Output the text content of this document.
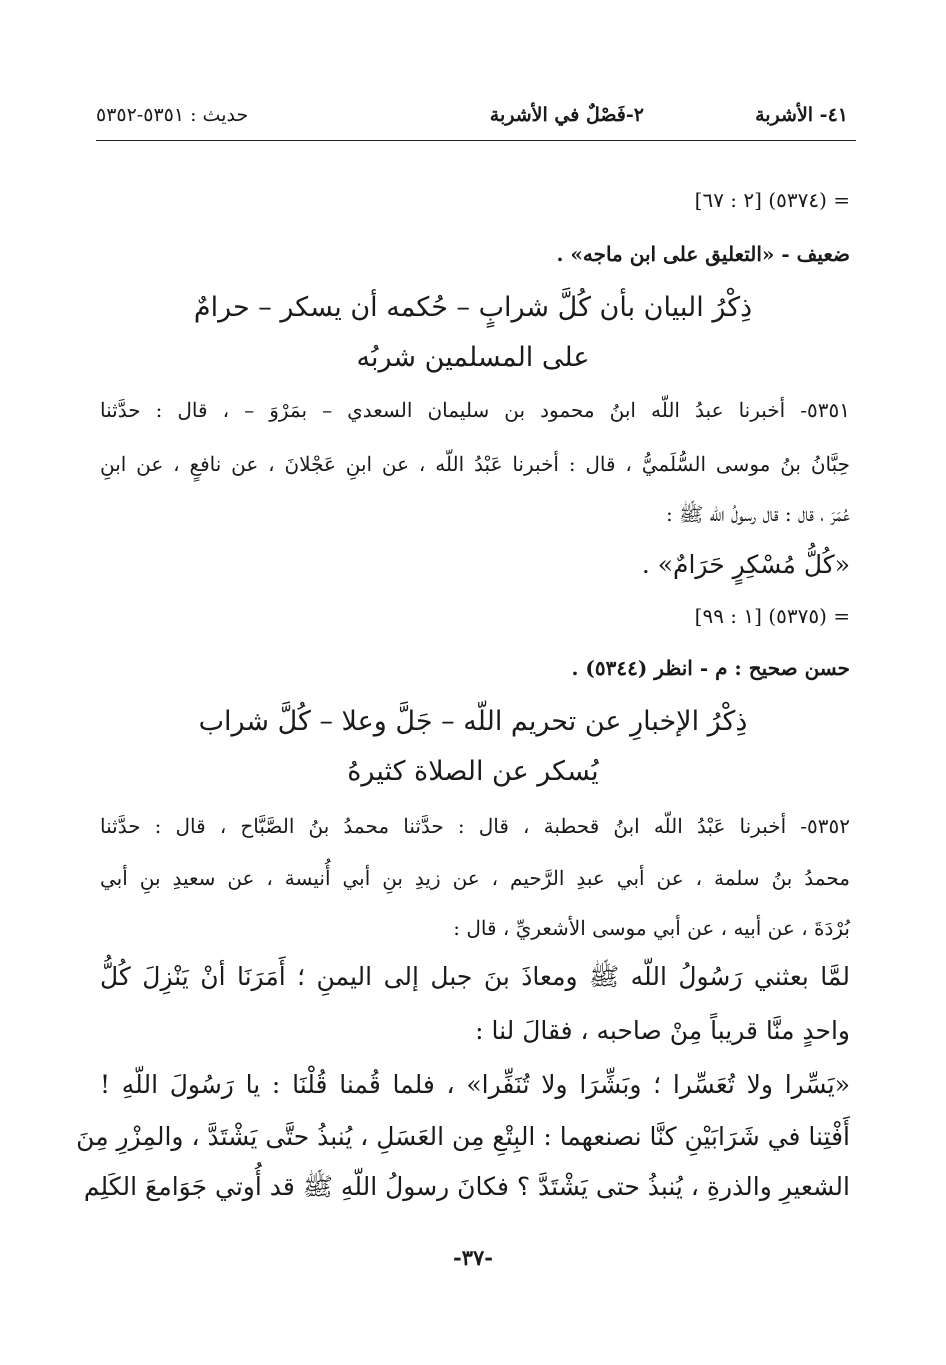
٤١- الأشربة
٢-فَصْلٌ في الأشربة
حديث : ٥٣٥١-٥٣٥٢
= (٥٣٧٤) [٢ : ٦٧]
ضعيف - «التعليق على ابن ماجه» .
ذِكْرُ البيان بأن كُلَّ شرابٍ – حُكمه أن يسكر – حرامٌ
على المسلمين شربُه
٥٣٥١- أخبرنا عبدُ اللّه ابنُ محمود بن سليمان السعدي – بمَرْوَ – ، قال : حدَّثنا
حِبَّانُ بنُ موسى السُّلَميُّ ، قال : أخبرنا عَبْدُ اللّه ، عن ابنِ عَجْلانَ ، عن نافعٍ ، عن ابنِ
عُمَرَ ، قال : قال رسولُ اللّه ﷺ :
«كُلُّ مُسْكِرٍ حَرَامٌ» .
= (٥٣٧٥) [١ : ٩٩]
حسن صحيح : م - انظر (٥٣٤٤) .
ذِكْرُ الإخبارِ عن تحريم اللّه – جَلَّ وعلا – كُلَّ شراب
يُسكر عن الصلاة كثيرهُ
٥٣٥٢- أخبرنا عَبْدُ اللّه ابنُ قحطبة ، قال : حدَّثنا محمدُ بنُ الصَّبَّاح ، قال : حدَّثنا
محمدُ بنُ سلمة ، عن أبي عبدِ الرَّحيم ، عن زيدِ بنِ أبي أُنيسة ، عن سعيدِ بنِ أبي
بُرْدَةَ ، عن أبيه ، عن أبي موسى الأشعريِّ ، قال :
لمَّا بعثني رَسُولُ اللّه ﷺ ومعاذَ بنَ جبل إلى اليمنِ ؛ أَمَرَنَا أنْ يَنْزِلَ كُلُّ
واحدٍ منَّا قريباً مِنْ صاحبه ، فقالَ لنا :
«يَسِّرا ولا تُعَسِّرا ؛ وبَشِّرَا ولا تُنَفِّرا» ، فلما قُمنا قُلْنَا : يا رَسُولَ اللّهِ !
أَفْتِنا في شَرَابَيْنِ كنَّا نصنعهما : البِتْعِ مِن العَسَلِ ، يُنبذُ حتَّى يَشْتَدَّ ، والمِزْرِ مِنَ
الشعيرِ والذرةِ ، يُنبذُ حتى يَشْتَدَّ ؟ فكانَ رسولُ اللّهِ ﷺ قد أُوتي جَوَامعَ الكَلِم
-٣٧-
